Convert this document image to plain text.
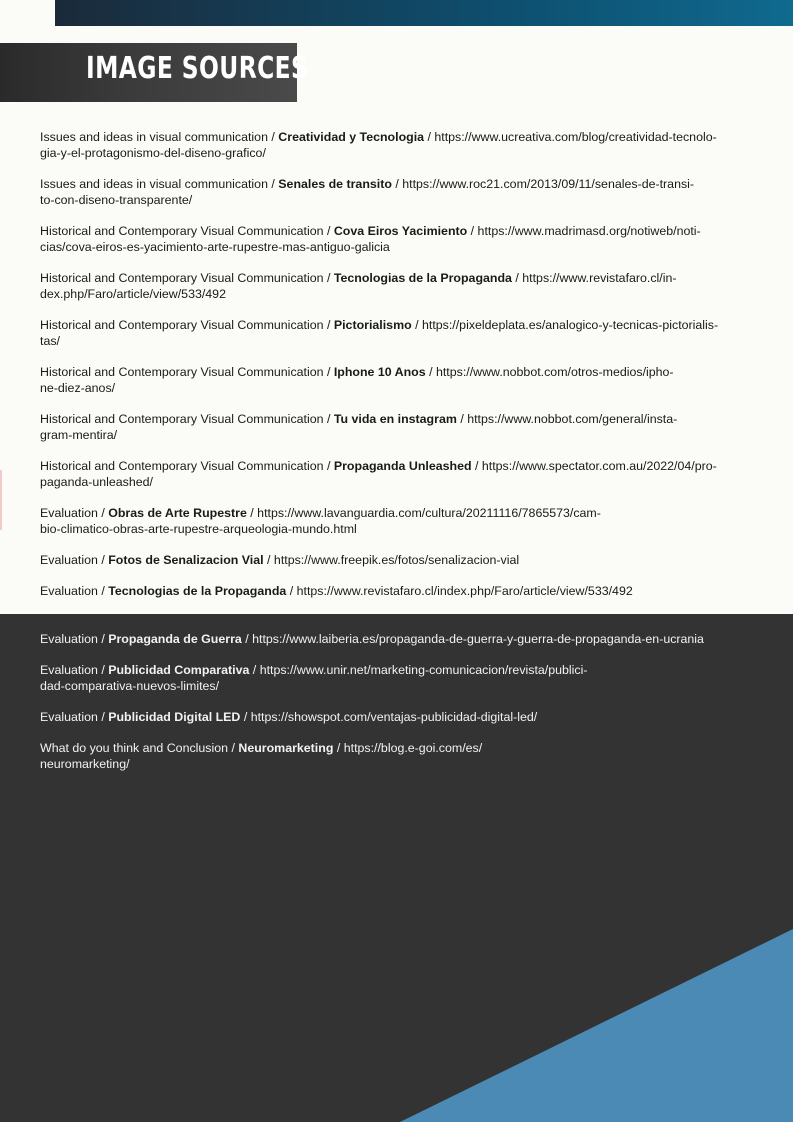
IMAGE SOURCES
Issues and ideas in visual communication / Creatividad y Tecnologia / https://www.ucreativa.com/blog/creatividad-tecnolo-
gia-y-el-protagonismo-del-diseno-grafico/
Issues and ideas in visual communication / Senales de transito / https://www.roc21.com/2013/09/11/senales-de-transi-
to-con-diseno-transparente/
Historical and Contemporary Visual Communication / Cova Eiros Yacimiento / https://www.madrimasd.org/notiweb/noti-
cias/cova-eiros-es-yacimiento-arte-rupestre-mas-antiguo-galicia
Historical and Contemporary Visual Communication / Tecnologias de la Propaganda / https://www.revistafaro.cl/in-
dex.php/Faro/article/view/533/492
Historical and Contemporary Visual Communication / Pictorialismo / https://pixeldeplata.es/analogico-y-tecnicas-pictorialis-
tas/
Historical and Contemporary Visual Communication / Iphone 10 Anos / https://www.nobbot.com/otros-medios/ipho-
ne-diez-anos/
Historical and Contemporary Visual Communication / Tu vida en instagram / https://www.nobbot.com/general/insta-
gram-mentira/
Historical and Contemporary Visual Communication / Propaganda Unleashed / https://www.spectator.com.au/2022/04/pro-
paganda-unleashed/
Evaluation / Obras de Arte Rupestre / https://www.lavanguardia.com/cultura/20211116/7865573/cam-
bio-climatico-obras-arte-rupestre-arqueologia-mundo.html
Evaluation / Fotos de Senalizacion Vial / https://www.freepik.es/fotos/senalizacion-vial
Evaluation / Tecnologias de la Propaganda / https://www.revistafaro.cl/index.php/Faro/article/view/533/492
Evaluation / Propaganda de Guerra / https://www.laiberia.es/propaganda-de-guerra-y-guerra-de-propaganda-en-ucrania
Evaluation / Publicidad Comparativa / https://www.unir.net/marketing-comunicacion/revista/publici-
dad-comparativa-nuevos-limites/
Evaluation / Publicidad Digital LED / https://showspot.com/ventajas-publicidad-digital-led/
What do you think and Conclusion / Neuromarketing / https://blog.e-goi.com/es/
neuromarketing/
